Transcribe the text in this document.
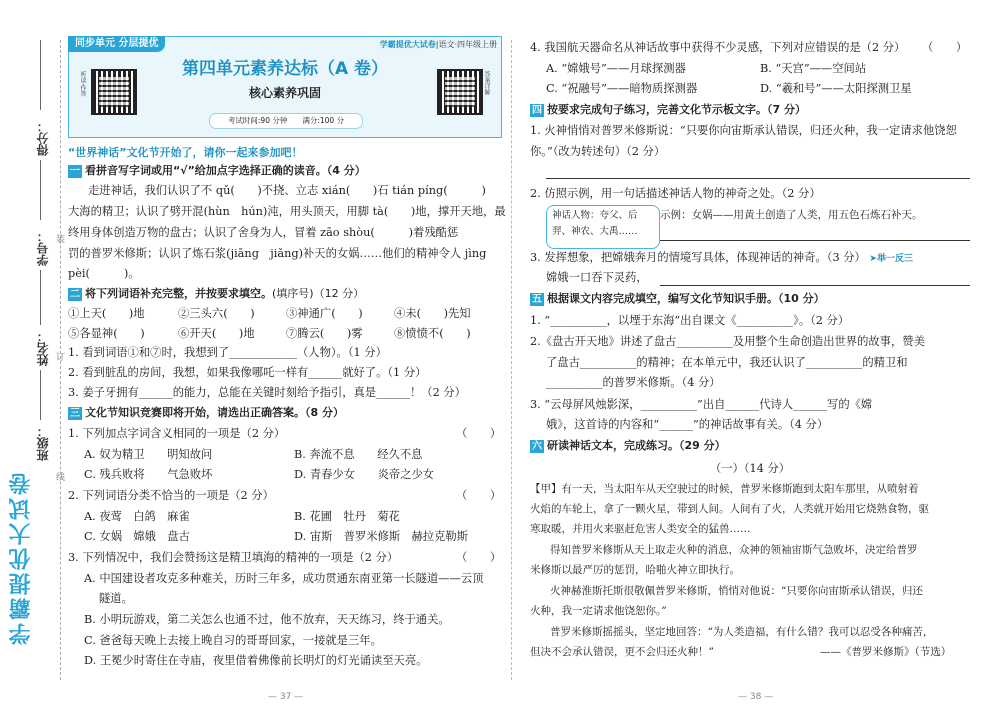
学霸提优大试卷
得分：
学号：
姓名：
班级：
装
订
线
同步单元 分层提优	学霸提优大试卷|语文·四年级上册
听读·作答	答案详解
第四单元素养达标（A 卷）
核心素养巩固
考试时间:90 分钟　　满分:100 分
“世界神话”文化节开始了，请你一起来参加吧！
一 看拼音写字词或用“√”给加点字选择正确的读音。（4 分）
走进神话，我们认识了不 qǔ(　　)不挠、立志 xián(　　)石 tián píng(　　　)
大海的精卫；认识了劈开混(hùn　hún)沌，用头顶天，用脚 tà(　　)地，撑开天地，最
终用身体创造万物的盘古；认识了舍身为人，冒着 zāo shòu(　　　)着残酷惩
罚的普罗米修斯；认识了炼石浆(jiāng　jiǎng)补天的女娲……他们的精神令人 jìng
pèi(　　　)。
二 将下列词语补充完整，并按要求填空。(填序号)（12 分）
①上天(　　)地	②三头六(　　)	③神通广(　　)	④未(　　)先知
⑤各显神(　　)	⑥开天(　　)地	⑦腾云(　　)雾	⑧愤愤不(　　)
1. 看到词语①和⑦时，我想到了____________（人物）。（1 分）
2. 看到脏乱的房间，我想，如果我像哪吒一样有______就好了。（1 分）
3. 姜子牙拥有______的能力，总能在关键时刻给予指引，真是______！（2 分）
三 文化节知识竞赛即将开始，请选出正确答案。（8 分）
1. 下列加点字词含义相同的一项是（2 分）	（　　）
A. 奴为精卫　　明知故问	B. 奔流不息　　经久不息
C. 残兵败将　　气急败坏	D. 青春少女　　炎帝之少女
2. 下列词语分类不恰当的一项是（2 分）	（　　）
A. 夜莺　白鸽　麻雀	B. 花圃　牡丹　菊花
C. 女娲　嫦娥　盘古	D. 宙斯　普罗米修斯　赫拉克勒斯
3. 下列情况中，我们会赞扬这是精卫填海的精神的一项是（2 分）	（　　）
A. 中国建设者攻克多种难关，历时三年多，成功贯通东南亚第一长隧道——云顶
　 隧道。
B. 小明玩游戏，第二关怎么也通不过，他不放弃，天天练习，终于通关。
C. 爸爸每天晚上去接上晚自习的哥哥回家，一接就是三年。
D. 王冕少时寄住在寺庙，夜里借着佛像前长明灯的灯光诵读至天亮。
— 37 —
4. 我国航天器命名从神话故事中获得不少灵感，下列对应错误的是（2 分） （　　）
A. “嫦娥号”——月球探测器	B. “天宫”——空间站
C. “祝融号”——暗物质探测器	D. “羲和号”——太阳探测卫星
四 按要求完成句子练习，完善文化节示板文字。（7 分）
1. 火神悄悄对普罗米修斯说：“只要你向宙斯承认错误，归还火种，我一定请求他饶恕
你。”（改为转述句）（2 分）
2. 仿照示例，用一句话描述神话人物的神奇之处。（2 分）
神话人物：夸父、后羿、神农、大禹……
示例：女娲——用黄土创造了人类，用五色石炼石补天。
3. 发挥想象，把嫦娥奔月的情境写具体，体现神话的神奇。（3 分） ➤举一反三
嫦娥一口吞下灵药，
五 根据课文内容完成填空，编写文化节知识手册。（10 分）
1. “__________，以堙于东海”出自课文《__________》。（2 分）
2.《盘古开天地》讲述了盘古__________及用整个生命创造出世界的故事，赞美
了盘古__________的精神；在本单元中，我还认识了__________的精卫和
__________的普罗米修斯。（4 分）
3. “云母屏风烛影深，__________”出自______代诗人______写的《嫦
娥》，这首诗的内容和“______”的神话故事有关。（4 分）
六 研读神话文本，完成练习。（29 分）
（一）（14 分）
【甲】有一天，当太阳车从天空驶过的时候，普罗米修斯跑到太阳车那里，从喷射着
火焰的车轮上，拿了一颗火星，带到人间。人间有了火，人类就开始用它烧熟食物，驱
寒取暖，并用火来驱赶危害人类安全的猛兽……
得知普罗米修斯从天上取走火种的消息，众神的领袖宙斯气急败坏，决定给普罗
米修斯以最严厉的惩罚，哈啪火神立即执行。
火神赫淮斯托斯很敬佩普罗米修斯，悄悄对他说：“只要你向宙斯承认错误，归还
火种，我一定请求他饶恕你。”
普罗米修斯摇摇头，坚定地回答：“为人类造福，有什么错？我可以忍受各种痛苦，
但决不会承认错误，更不会归还火种！”	——《普罗米修斯》（节选）
— 38 —
